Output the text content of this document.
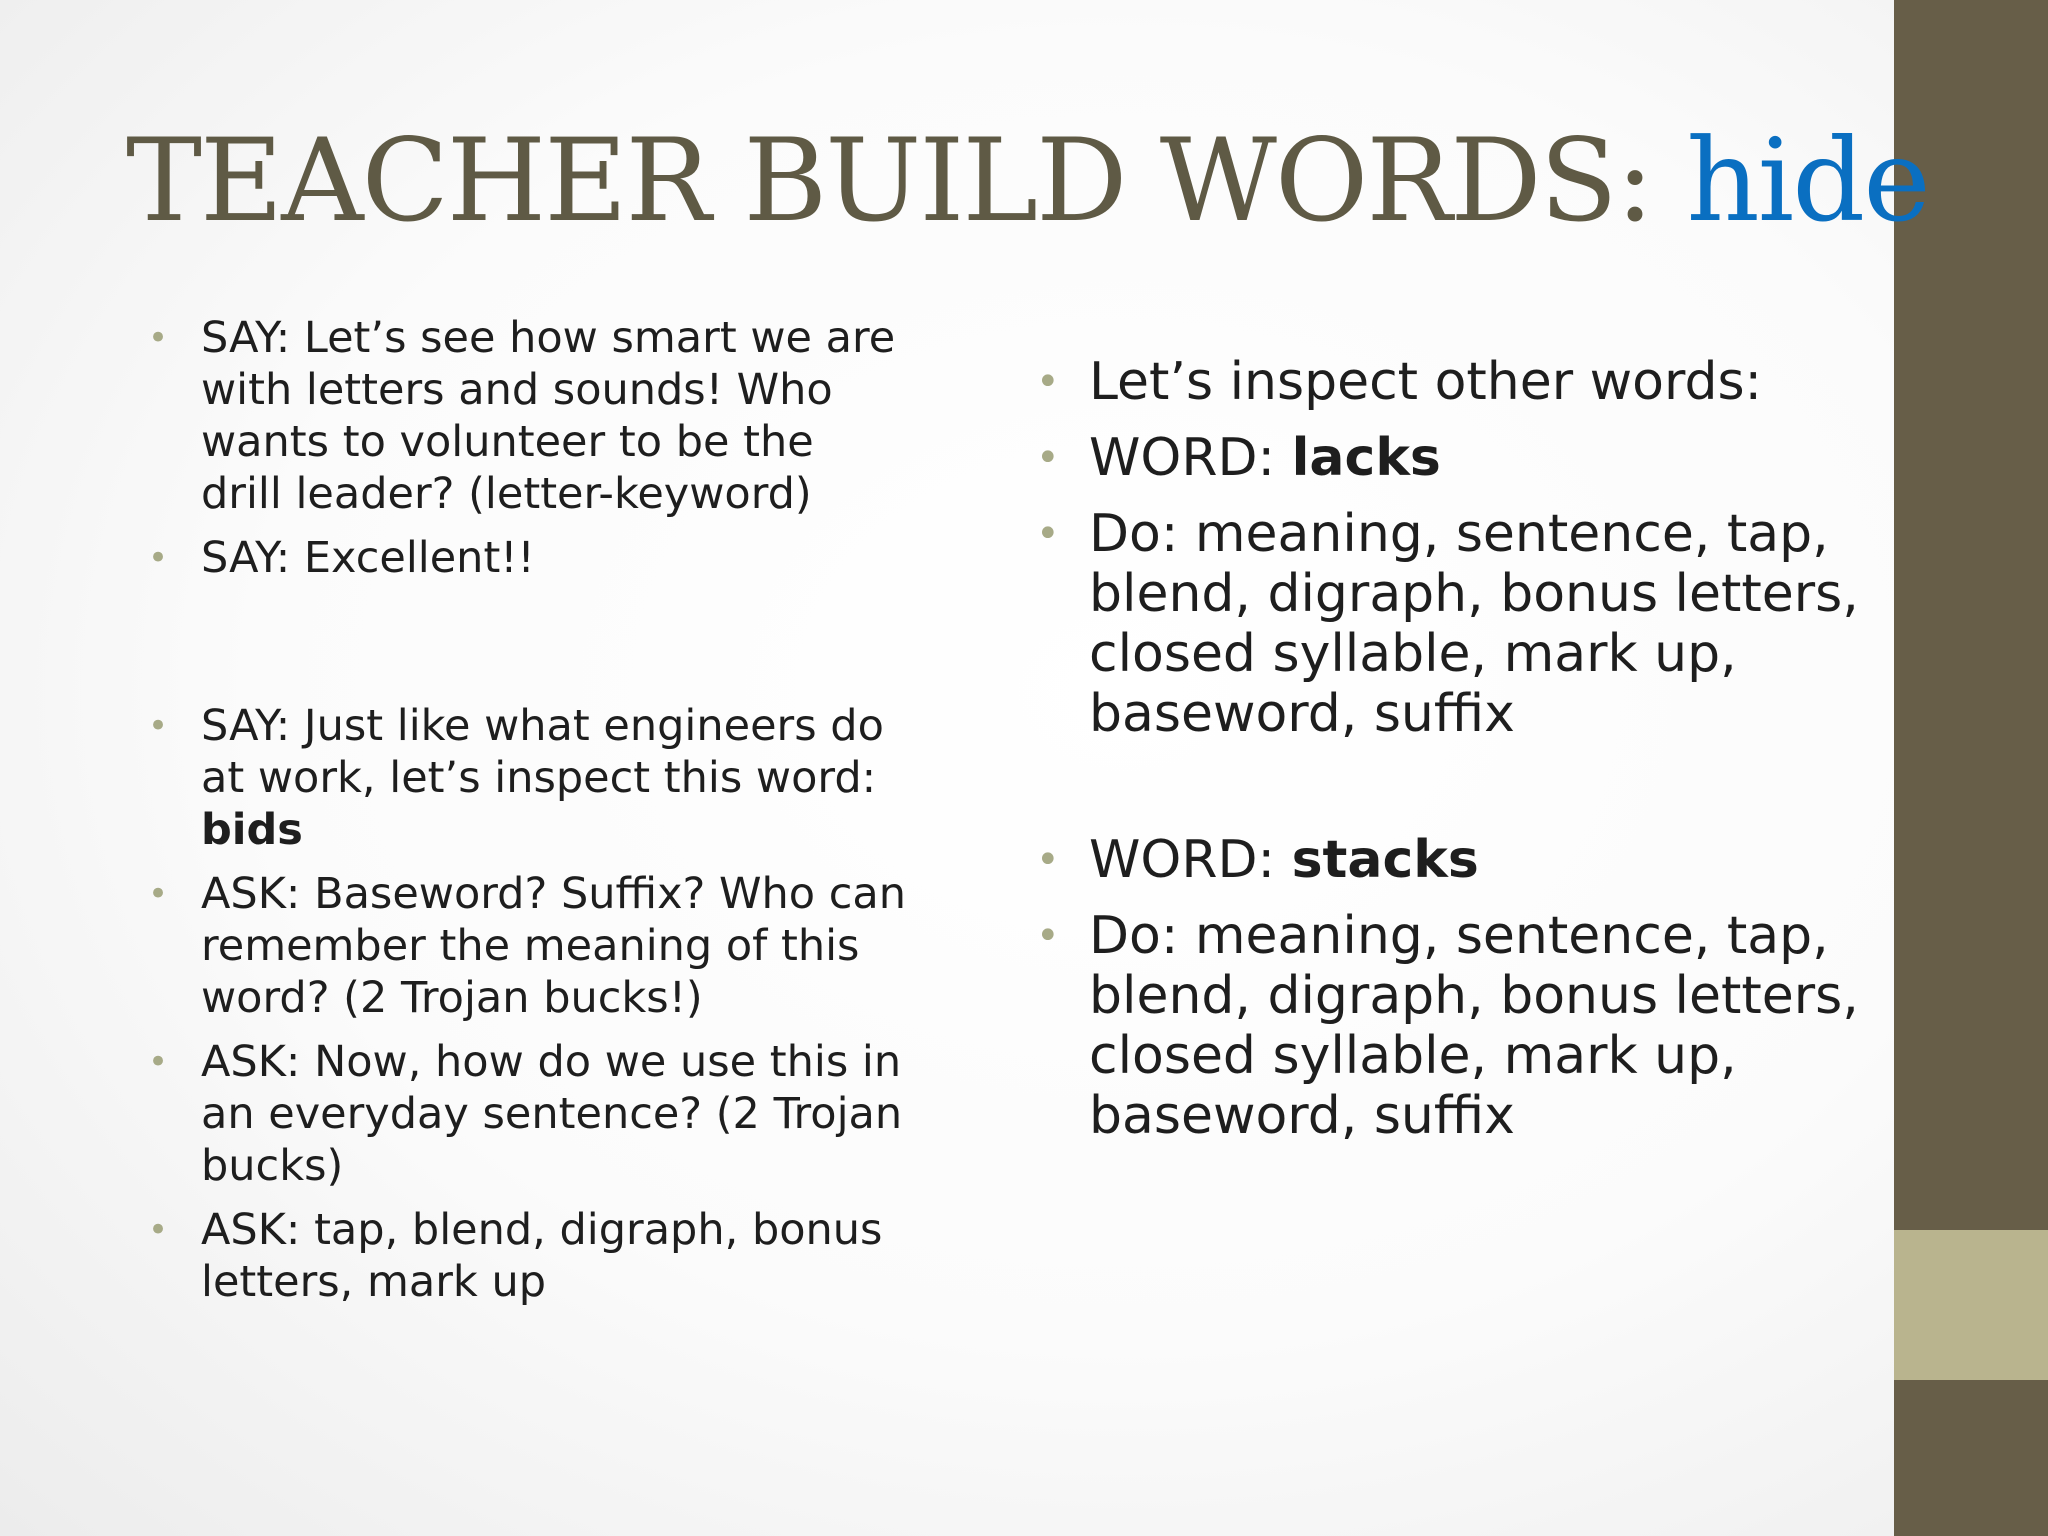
TEACHER BUILD WORDS: hide
• SAY: Let’s see how smart we are with letters and sounds! Who wants to volunteer to be the drill leader? (letter-keyword)
• SAY: Excellent!!
• SAY: Just like what engineers do at work, let’s inspect this word: bids
• ASK: Baseword? Suffix? Who can remember the meaning of this word? (2 Trojan bucks!)
• ASK: Now, how do we use this in an everyday sentence? (2 Trojan bucks)
• ASK: tap, blend, digraph, bonus letters, mark up
• Let’s inspect other words:
• WORD: lacks
• Do: meaning, sentence, tap, blend, digraph, bonus letters, closed syllable, mark up, baseword, suffix
• WORD: stacks
• Do: meaning, sentence, tap, blend, digraph, bonus letters, closed syllable, mark up, baseword, suffix
